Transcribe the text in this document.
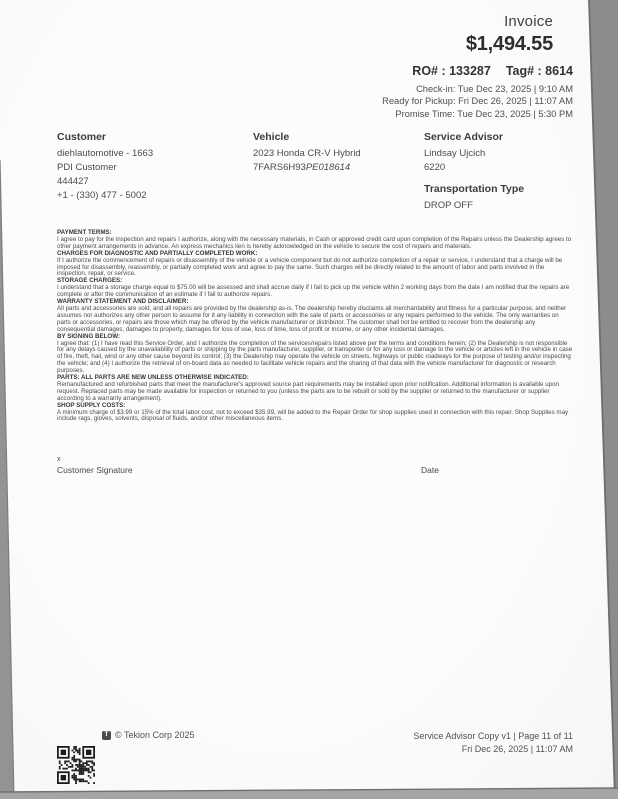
Invoice
$1,494.55
RO# : 133287 Tag# : 8614
Check-in: Tue Dec 23, 2025 | 9:10 AM
Ready for Pickup: Fri Dec 26, 2025 | 11:07 AM
Promise Time: Tue Dec 23, 2025 | 5:30 PM
Customer
diehlautomotive - 1663
PDI Customer
444427
+1 - (330) 477 - 5002
Vehicle
2023 Honda CR-V Hybrid
7FARS6H93PE018614
Service Advisor
Lindsay Ujcich
6220
Transportation Type
DROP OFF
PAYMENT TERMS:
I agree to pay for the inspection and repairs I authorize, along with the necessary materials, in Cash or approved credit card upon completion of the Repairs unless the Dealership agrees to other payment arrangements in advance. An express mechanics lien is hereby acknowledged on the vehicle to secure the cost of repairs and materials.
CHARGES FOR DIAGNOSTIC AND PARTIALLY COMPLETED WORK:
If I authorize the commencement of repairs or disassembly of the vehicle or a vehicle component but do not authorize completion of a repair or service, I understand that a charge will be imposed for disassembly, reassembly, or partially completed work and agree to pay the same. Such charges will be directly related to the amount of labor and parts involved in the inspection, repair, or service.
STORAGE CHARGES:
I understand that a storage charge equal to $75.00 will be assessed and shall accrue daily if I fail to pick up the vehicle within 2 working days from the date I am notified that the repairs are complete or after the communication of an estimate if I fail to authorize repairs.
WARRANTY STATEMENT AND DISCLAIMER:
All parts and accessories are sold, and all repairs are provided by the dealership as-is. The dealership hereby disclaims all merchantability and fitness for a particular purpose, and neither assumes nor authorizes any other person to assume for it any liability in connection with the sale of parts or accessories or any repairs performed to the vehicle. The only warranties on parts or accessories, or repairs are those which may be offered by the vehicle manufacturer or distributor. The customer shall not be entitled to recover from the dealership any consequential damages, damages to property, damages for loss of use, loss of time, loss of profit or income, or any other incidental damages.
BY SIGNING BELOW:
I agree that: (1) I have read this Service Order, and I authorize the completion of the services/repairs listed above per the terms and conditions herein; (2) the Dealership is not responsible for any delays caused by the unavailability of parts or shipping by the parts manufacturer, supplier, or transporter or for any loss or damage to the vehicle or articles left in the vehicle in case of fire, theft, hail, wind or any other cause beyond its control; (3) the Dealership may operate the vehicle on streets, highways or public roadways for the purpose of testing and/or inspecting the vehicle; and (4) I authorize the retrieval of on-board data as needed to facilitate vehicle repairs and the sharing of that data with the vehicle manufacturer for diagnostic or research purposes.
PARTS: ALL PARTS ARE NEW UNLESS OTHERWISE INDICATED:
Remanufactured and refurbished parts that meet the manufacturer's approved source part requirements may be installed upon prior notification. Additional information is available upon request. Replaced parts may be made available for inspection or returned to you (unless the parts are to be rebuilt or sold by the supplier or returned to the manufacturer or supplier according to a warranty arrangement).
SHOP SUPPLY COSTS:
A minimum charge of $3.99 or 15% of the total labor cost, not to exceed $35.99, will be added to the Repair Order for shop supplies used in connection with this repair. Shop Supplies may include rags, gloves, solvents, disposal of fluids, and/or other miscellaneous items.
x
Customer Signature	Date
T © Tekion Corp 2025	Service Advisor Copy v1 | Page 11 of 11
Fri Dec 26, 2025 | 11:07 AM
